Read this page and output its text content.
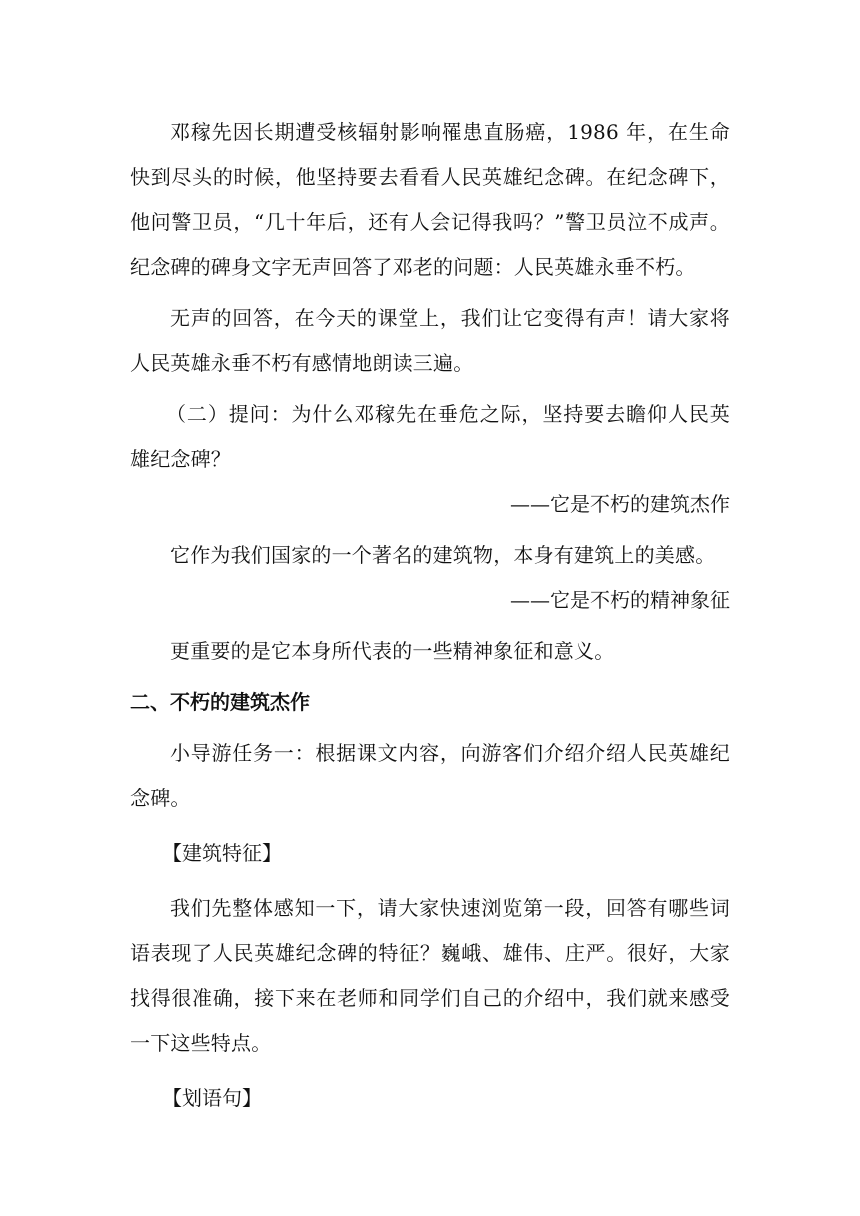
邓稼先因长期遭受核辐射影响罹患直肠癌，1986 年，在生命快到尽头的时候，他坚持要去看看人民英雄纪念碑。在纪念碑下，他问警卫员，“几十年后，还有人会记得我吗？”警卫员泣不成声。纪念碑的碑身文字无声回答了邓老的问题：人民英雄永垂不朽。

无声的回答，在今天的课堂上，我们让它变得有声！请大家将人民英雄永垂不朽有感情地朗读三遍。

（二）提问：为什么邓稼先在垂危之际，坚持要去瞻仰人民英雄纪念碑？

——它是不朽的建筑杰作

它作为我们国家的一个著名的建筑物，本身有建筑上的美感。

——它是不朽的精神象征

更重要的是它本身所代表的一些精神象征和意义。

二、不朽的建筑杰作

小导游任务一：根据课文内容，向游客们介绍介绍人民英雄纪念碑。

【建筑特征】

我们先整体感知一下，请大家快速浏览第一段，回答有哪些词语表现了人民英雄纪念碑的特征？巍峨、雄伟、庄严。很好，大家找得很准确，接下来在老师和同学们自己的介绍中，我们就来感受一下这些特点。

【划语句】
